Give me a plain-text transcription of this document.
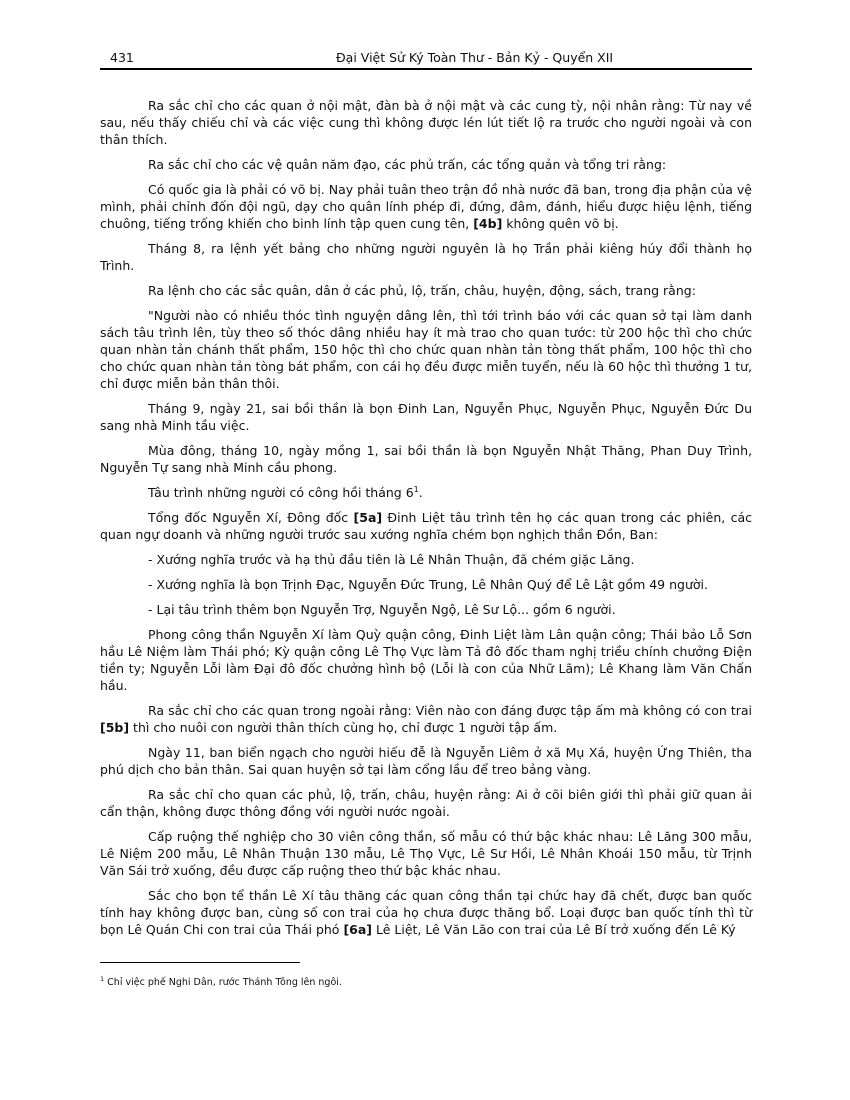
431	Đại Việt Sử Ký Toàn Thư - Bản Kỷ - Quyển XII

Ra sắc chỉ cho các quan ở nội mật, đàn bà ở nội mật và các cung tỳ, nội nhân rằng: Từ nay về sau, nếu thấy chiếu chỉ và các việc cung thì không được lén lút tiết lộ ra trước cho người ngoài và con thân thích.

Ra sắc chỉ cho các vệ quân năm đạo, các phủ trấn, các tổng quản và tổng tri rằng:

Có quốc gia là phải có võ bị. Nay phải tuân theo trận đồ nhà nước đã ban, trong địa phận của vệ mình, phải chỉnh đốn đội ngũ, dạy cho quân lính phép đi, đứng, đâm, đánh, hiểu được hiệu lệnh, tiếng chuông, tiếng trống khiến cho binh lính tập quen cung tên, [4b] không quên võ bị.

Tháng 8, ra lệnh yết bảng cho những người nguyên là họ Trần phải kiêng húy đổi thành họ Trình.

Ra lệnh cho các sắc quân, dân ở các phủ, lộ, trấn, châu, huyện, động, sách, trang rằng:

"Người nào có nhiều thóc tình nguyện dâng lên, thì tới trình báo với các quan sở tại làm danh sách tâu trình lên, tùy theo số thóc dâng nhiều hay ít mà trao cho quan tước: từ 200 hộc thì cho chức quan nhàn tản chánh thất phẩm, 150 hộc thì cho chức quan nhàn tản tòng thất phẩm, 100 hộc thì cho cho chức quan nhàn tản tòng bát phẩm, con cái họ đều được miễn tuyển, nếu là 60 hộc thì thưởng 1 tư, chỉ được miễn bản thân thôi.

Tháng 9, ngày 21, sai bồi thần là bọn Đinh Lan, Nguyễn Phục, Nguyễn Phục, Nguyễn Đức Du sang nhà Minh tầu việc.

Mùa đông, tháng 10, ngày mồng 1, sai bồi thần là bọn Nguyễn Nhật Thăng, Phan Duy Trình, Nguyễn Tự sang nhà Minh cầu phong.

Tâu trình những người có công hồi tháng $6^1$.

Tổng đốc Nguyễn Xí, Đông đốc [5a] Đinh Liệt tâu trình tên họ các quan trong các phiên, các quan ngự doanh và những người trước sau xướng nghĩa chém bọn nghịch thần Đồn, Ban:

- Xướng nghĩa trước và hạ thủ đầu tiên là Lê Nhân Thuận, đã chém giặc Lăng.

- Xướng nghĩa là bọn Trịnh Đạc, Nguyễn Đức Trung, Lê Nhân Quý để Lê Lật gồm 49 người.

- Lại tâu trình thêm bọn Nguyễn Trợ, Nguyễn Ngộ, Lê Sư Lộ... gồm 6 người.

Phong công thần Nguyễn Xí làm Quỳ quận công, Đinh Liệt làm Lân quận công; Thái bảo Lỗ Sơn hầu Lê Niệm làm Thái phó; Kỳ quận công Lê Thọ Vực làm Tả đô đốc tham nghị triều chính chưởng Điện tiền ty; Nguyễn Lỗi làm Đại đô đốc chưởng hình bộ (Lỗi là con của Nhữ Lãm); Lê Khang làm Văn Chấn hầu.

Ra sắc chỉ cho các quan trong ngoài rằng: Viên nào con đáng được tập ấm mà không có con trai [5b] thì cho nuôi con người thân thích cùng họ, chỉ được 1 người tập ấm.

Ngày 11, ban biển ngạch cho người hiếu đễ là Nguyễn Liêm ở xã Mụ Xá, huyện Ứng Thiên, tha phú dịch cho bản thân. Sai quan huyện sở tại làm cổng lầu để treo bảng vàng.

Ra sắc chỉ cho quan các phủ, lộ, trấn, châu, huyện rằng: Ai ở cõi biên giới thì phải giữ quan ải cẩn thận, không được thông đồng với người nước ngoài.

Cấp ruộng thế nghiệp cho 30 viên công thần, số mẫu có thứ bậc khác nhau: Lê Lăng 300 mẫu, Lê Niệm 200 mẫu, Lê Nhân Thuận 130 mẫu, Lê Thọ Vực, Lê Sư Hồi, Lê Nhân Khoái 150 mẫu, từ Trịnh Văn Sái trở xuống, đều được cấp ruộng theo thứ bậc khác nhau.

Sắc cho bọn tể thần Lê Xí tâu thăng các quan công thần tại chức hay đã chết, được ban quốc tính hay không được ban, cùng số con trai của họ chưa được thăng bổ. Loại được ban quốc tính thì từ bọn Lê Quán Chi con trai của Thái phó [6a] Lê Liệt, Lê Văn Lão con trai của Lê Bí trở xuống đến Lê Ký

$^1$ Chỉ việc phế Nghi Dân, rước Thánh Tông lên ngôi.
